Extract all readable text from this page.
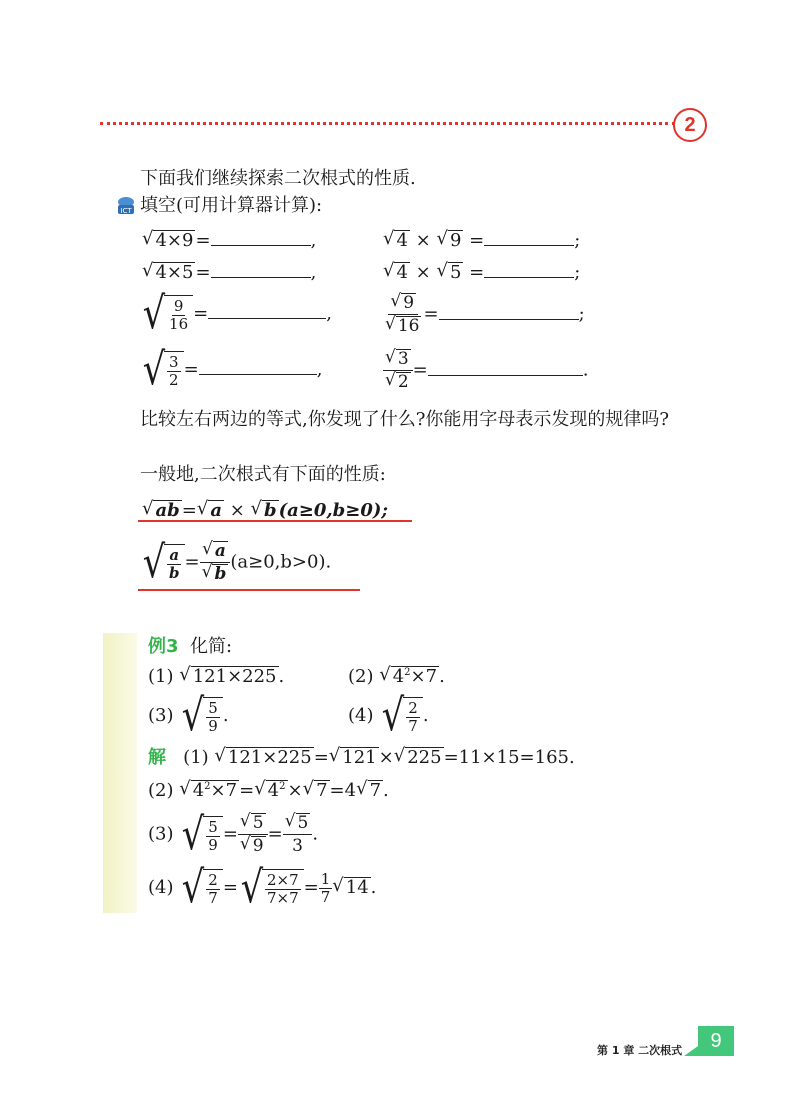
2
下面我们继续探索二次根式的性质.
ICT 填空(可用计算器计算):
√ 4×9 =	,	√ 4 × √ 9 =	;
√ 4×5 =	,	√ 4 × √ 5 =	;
√ $\frac{9}{16}$ =	,	$\frac{√ 9}{√ 16}$ =	;
√ $\frac{3}{2}$ =	,	$\frac{√ 3}{√ 2}$ =	.
比较左右两边的等式,你发现了什么?你能用字母表示发现的规律吗?
一般地,二次根式有下面的性质:
√ ab = √ a × √ b (a≥0,b≥0);
√ $\frac{a}{b} = \frac{√ a}{√ b} (a\ge 0,b>0)$.
例3 化简:
(1) √ 121×225 .	(2) √ $4^2\times 7$ .
(3) √ $\frac{5}{9}$ .	(4) √ $\frac{2}{7}$ .
解 (1) √ 121×225 = √ 121 × √ 225 =11×15=165.
(2) √ $4^2\times 7$ = √ $4^2$ × √ 7 =4 √ 7 .
(3) √ $\frac{5}{9} = \frac{√ 5}{√ 9} = \frac{√ 5}{3}$ .
(4) √ $\frac{2}{7}$ = √ $\frac{2\times 7}{7\times 7} = \frac{1}{7}$ √ 14 .
第 1 章 二次根式	9
